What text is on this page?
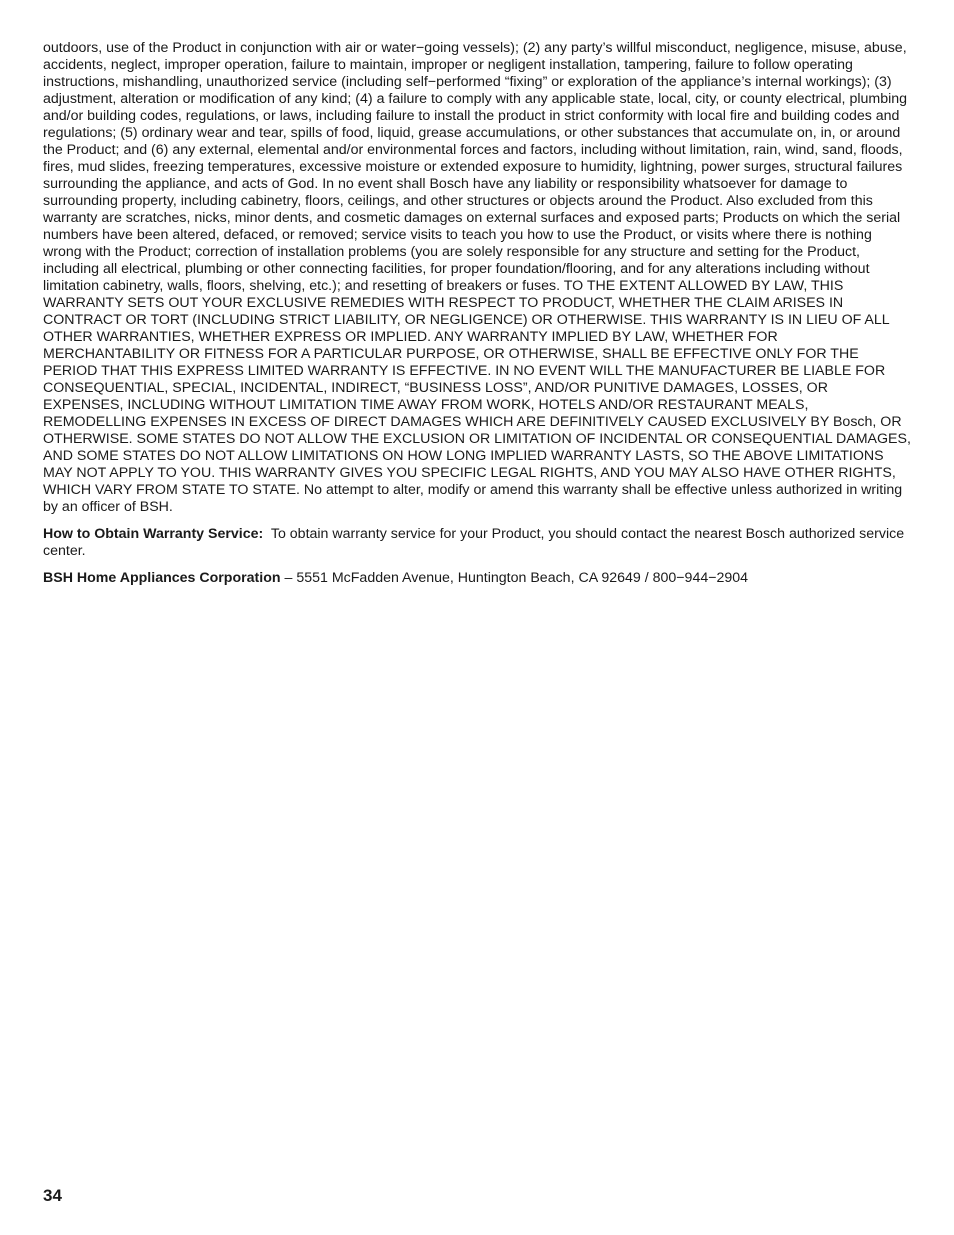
outdoors, use of the Product in conjunction with air or water−going vessels); (2) any party’s willful misconduct, negligence, misuse, abuse, accidents, neglect, improper operation, failure to maintain, improper or negligent installation, tampering, failure to follow operating instructions, mishandling, unauthorized service (including self−performed “fixing” or exploration of the appliance’s internal workings); (3) adjustment, alteration or modification of any kind; (4) a failure to comply with any applicable state, local, city, or county electrical, plumbing and/or building codes, regulations, or laws, including failure to install the product in strict conformity with local fire and building codes and regulations; (5) ordinary wear and tear, spills of food, liquid, grease accumulations, or other substances that accumulate on, in, or around the Product; and (6) any external, elemental and/or environmental forces and factors, including without limitation, rain, wind, sand, floods, fires, mud slides, freezing temperatures, excessive moisture or extended exposure to humidity, lightning, power surges, structural failures surrounding the appliance, and acts of God. In no event shall Bosch have any liability or responsibility whatsoever for damage to surrounding property, including cabinetry, floors, ceilings, and other structures or objects around the Product. Also excluded from this warranty are scratches, nicks, minor dents, and cosmetic damages on external surfaces and exposed parts; Products on which the serial numbers have been altered, defaced, or removed; service visits to teach you how to use the Product, or visits where there is nothing wrong with the Product; correction of installation problems (you are solely responsible for any structure and setting for the Product, including all electrical, plumbing or other connecting facilities, for proper foundation/flooring, and for any alterations including without limitation cabinetry, walls, floors, shelving, etc.); and resetting of breakers or fuses. TO THE EXTENT ALLOWED BY LAW, THIS WARRANTY SETS OUT YOUR EXCLUSIVE REMEDIES WITH RESPECT TO PRODUCT, WHETHER THE CLAIM ARISES IN CONTRACT OR TORT (INCLUDING STRICT LIABILITY, OR NEGLIGENCE) OR OTHERWISE. THIS WARRANTY IS IN LIEU OF ALL OTHER WARRANTIES, WHETHER EXPRESS OR IMPLIED. ANY WARRANTY IMPLIED BY LAW, WHETHER FOR MERCHANTABILITY OR FITNESS FOR A PARTICULAR PURPOSE, OR OTHERWISE, SHALL BE EFFECTIVE ONLY FOR THE PERIOD THAT THIS EXPRESS LIMITED WARRANTY IS EFFECTIVE. IN NO EVENT WILL THE MANUFACTURER BE LIABLE FOR CONSEQUENTIAL, SPECIAL, INCIDENTAL, INDIRECT, “BUSINESS LOSS”, AND/OR PUNITIVE DAMAGES, LOSSES, OR EXPENSES, INCLUDING WITHOUT LIMITATION TIME AWAY FROM WORK, HOTELS AND/OR RESTAURANT MEALS, REMODELLING EXPENSES IN EXCESS OF DIRECT DAMAGES WHICH ARE DEFINITIVELY CAUSED EXCLUSIVELY BY Bosch, OR OTHERWISE. SOME STATES DO NOT ALLOW THE EXCLUSION OR LIMITATION OF INCIDENTAL OR CONSEQUENTIAL DAMAGES, AND SOME STATES DO NOT ALLOW LIMITATIONS ON HOW LONG IMPLIED WARRANTY LASTS, SO THE ABOVE LIMITATIONS MAY NOT APPLY TO YOU. THIS WARRANTY GIVES YOU SPECIFIC LEGAL RIGHTS, AND YOU MAY ALSO HAVE OTHER RIGHTS, WHICH VARY FROM STATE TO STATE. No attempt to alter, modify or amend this warranty shall be effective unless authorized in writing by an officer of BSH.

How to Obtain Warranty Service: To obtain warranty service for your Product, you should contact the nearest Bosch authorized service center.

BSH Home Appliances Corporation – 5551 McFadden Avenue, Huntington Beach, CA 92649 / 800−944−2904

34
